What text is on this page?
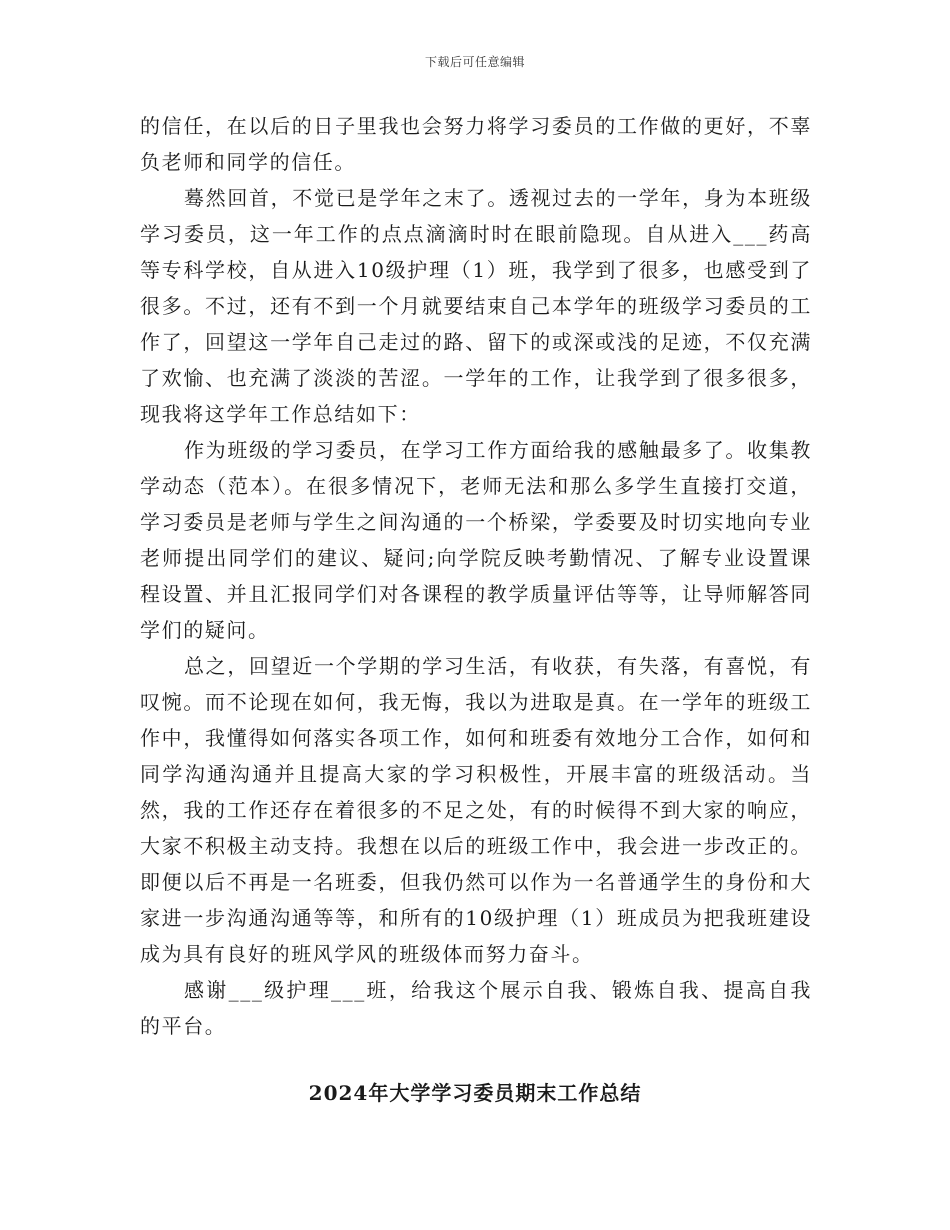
下载后可任意编辑

的信任，在以后的日子里我也会努力将学习委员的工作做的更好，不辜负老师和同学的信任。

蓦然回首，不觉已是学年之末了。透视过去的一学年，身为本班级学习委员，这一年工作的点点滴滴时时在眼前隐现。自从进入___药高等专科学校，自从进入10级护理（1）班，我学到了很多，也感受到了很多。不过，还有不到一个月就要结束自己本学年的班级学习委员的工作了，回望这一学年自己走过的路、留下的或深或浅的足迹，不仅充满了欢愉、也充满了淡淡的苦涩。一学年的工作，让我学到了很多很多，现我将这学年工作总结如下：

作为班级的学习委员，在学习工作方面给我的感触最多了。收集教学动态（范本）。在很多情况下，老师无法和那么多学生直接打交道，学习委员是老师与学生之间沟通的一个桥梁，学委要及时切实地向专业老师提出同学们的建议、疑问;向学院反映考勤情况、了解专业设置课程设置、并且汇报同学们对各课程的教学质量评估等等，让导师解答同学们的疑问。

总之，回望近一个学期的学习生活，有收获，有失落，有喜悦，有叹惋。而不论现在如何，我无悔，我以为进取是真。在一学年的班级工作中，我懂得如何落实各项工作，如何和班委有效地分工合作，如何和同学沟通沟通并且提高大家的学习积极性，开展丰富的班级活动。当然，我的工作还存在着很多的不足之处，有的时候得不到大家的响应，大家不积极主动支持。我想在以后的班级工作中，我会进一步改正的。即便以后不再是一名班委，但我仍然可以作为一名普通学生的身份和大家进一步沟通沟通等等，和所有的10级护理（1）班成员为把我班建设成为具有良好的班风学风的班级体而努力奋斗。

感谢___级护理___班，给我这个展示自我、锻炼自我、提高自我的平台。

2024年大学学习委员期末工作总结
